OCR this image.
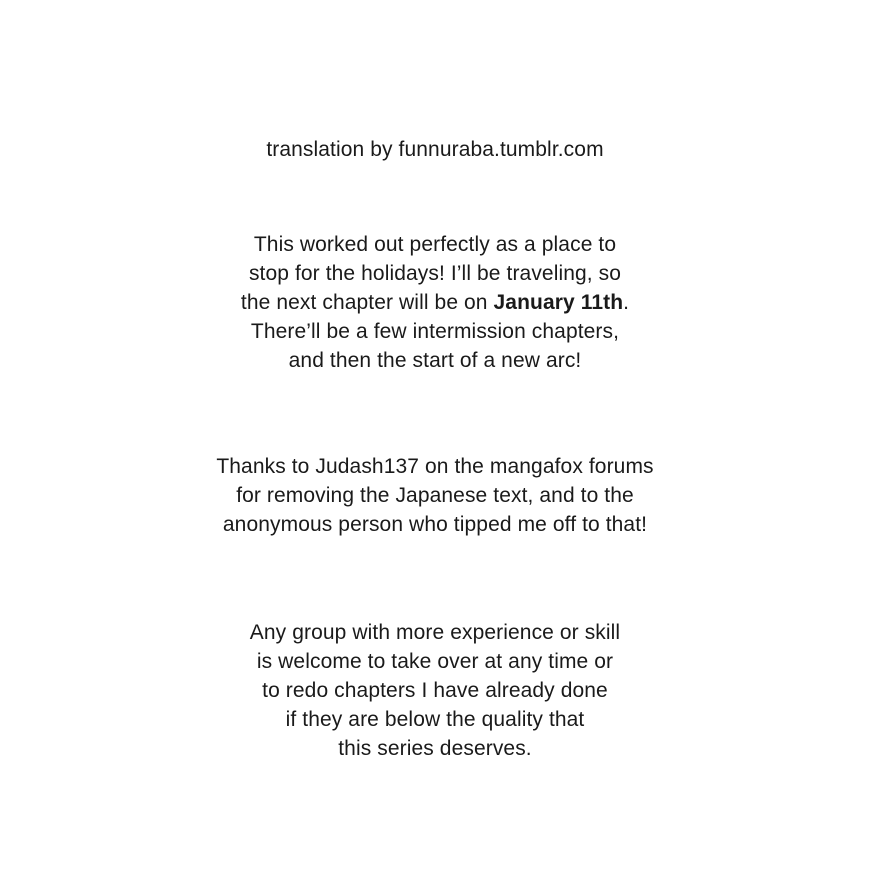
translation by funnuraba.tumblr.com
This worked out perfectly as a place to
stop for the holidays! I’ll be traveling, so
the next chapter will be on January 11th.
There’ll be a few intermission chapters,
and then the start of a new arc!
Thanks to Judash137 on the mangafox forums
for removing the Japanese text, and to the
anonymous person who tipped me off to that!
Any group with more experience or skill
is welcome to take over at any time or
to redo chapters I have already done
if they are below the quality that
this series deserves.
